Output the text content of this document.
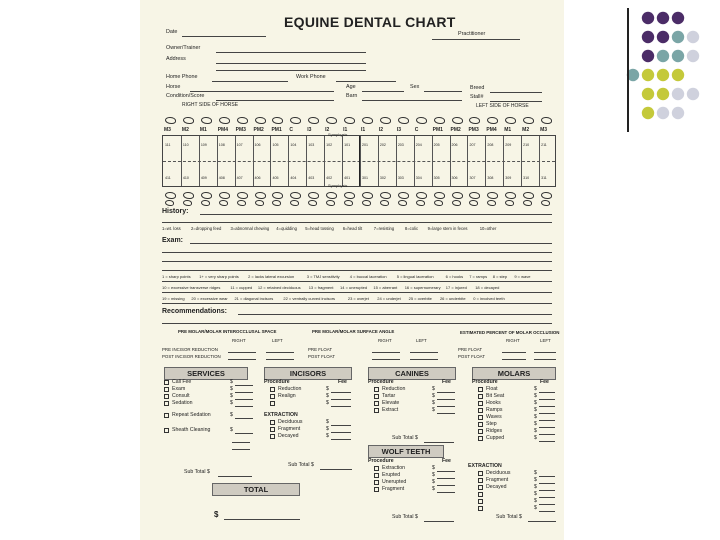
EQUINE DENTAL CHART
Date	Practitioner
Owner/Trainer
Address
Home Phone	Work Phone
Horse	Age	Sex	Breed
Condition/Score	Barn	Stall#
RIGHT SIDE OF HORSE	LEFT SIDE OF HORSE
M3 M2 M1 PM4 PM3 PM2 PM1 C	I3	I2	I1	I1	I2	I3	C	PM1 PM2 PM3 PM4 M1 M2 M3
Symphysis
Symphysis
111	110	109	108	107	106	105	104	103	102	101	201	202	203	204	205	206	207	208	209	210	211
411	410	409	408	407	406	405	404	403	402	401	301	302	303	304	305	306	307	308	309	310	311
History:
1=wt. loss 2=dropping feed 3=abnormal chewing 4=quidding 5=head tossing 6=head tilt	7=resisting	8=colic 9=large stem in feces	10=other
Exam:
1 = sharp points 1+ = very sharp points 2 = lacks lateral excursion	3 = TMJ sensitivity	4 = buccal laceration	5 = lingual laceration	6 = hooks 7 = ramps 8 = step 9 = wave
10 = excessive transverse ridges	11 = cupped 12 = retained deciduous 13 = fragment 14 = unerupted 15 = aberrant 16 = supernumerary 17 = injured 18 = decayed
19 = missing 20 = excessive wear 21 = diagonal incisors	22 = ventrally curved incisors	23 = overjet 24 = underjet 25 = overbite 26 = underbite 0 = involved teeth
Recommendations:
PRE MOLAR/MOLAR INTEROCCLUSAL SPACE	PRE MOLAR/MOLAR SURFACE ANGLE	ESTIMATED PERCENT OF MOLAR OCCLUSION
RIGHT	LEFT	RIGHT	LEFT	RIGHT	LEFT
PRE INCISOR REDUCTION
POST INCISOR REDUCTION
PRE FLOAT
POST FLOAT
PRE FLOAT
POST FLOAT
SERVICES
Call Fee	$
Exam	$
Consult	$
Sedation	$
Repeat Sedation	$
Sheath Cleaning	$
Sub Total $
INCISORS
Procedure	Fee
Reduction	$
Realign	$
$
EXTRACTION
Deciduous	$
Fragment	$
Decayed	$
Sub Total $
CANINES
Procedure	Fee
Reduction	$
Tartar	$
Elevate	$
Extract	$
Sub Total $
WOLF TEETH
Procedure	Fee
Extraction	$
Erupted	$
Unerupted	$
Fragment	$
Sub Total $
MOLARS
Procedure	Fee
Float	$
Bit Seat	$
Hooks	$
Ramps	$
Waves	$
Step	$
Ridges	$
Cupped	$
EXTRACTION
Deciduous	$
Fragment	$
Decayed	$
$
$
$
Sub Total $
TOTAL
$
